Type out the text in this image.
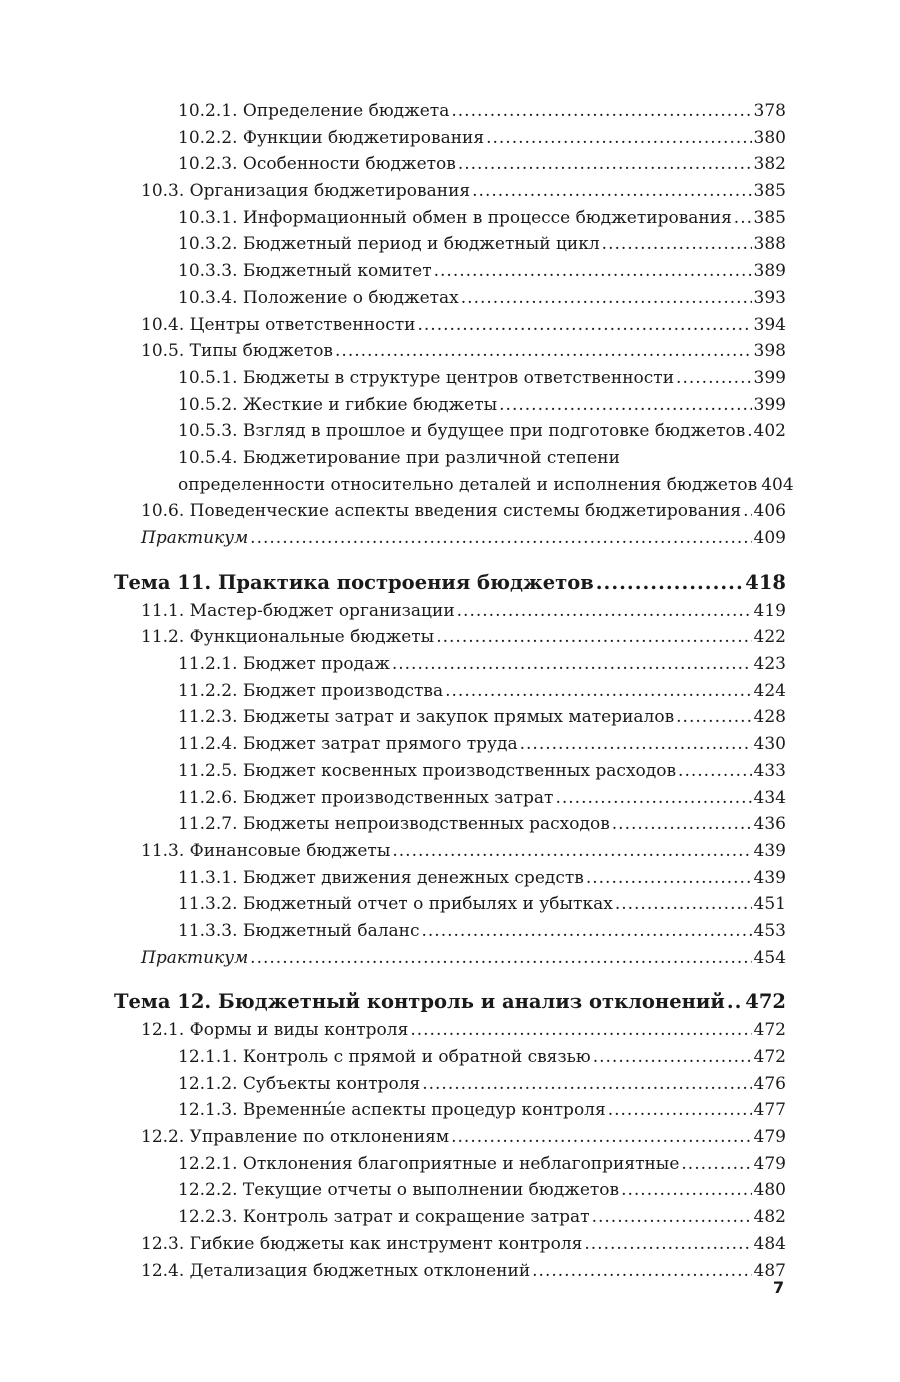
10.2.1. Определение бюджета .....	378
10.2.2. Функции бюджетирования .....	380
10.2.3. Особенности бюджетов .....	382
10.3. Организация бюджетирования .....	385
10.3.1. Информационный обмен в процессе бюджетирования ..... 385
10.3.2. Бюджетный период и бюджетный цикл .....	388
10.3.3. Бюджетный комитет .....	389
10.3.4. Положение о бюджетах .....	393
10.4. Центры ответственности .....	394
10.5. Типы бюджетов .....	398
10.5.1. Бюджеты в структуре центров ответственности .....	399
10.5.2. Жесткие и гибкие бюджеты .....	399
10.5.3. Взгляд в прошлое и будущее при подготовке бюджетов ..... 402
10.5.4. Бюджетирование при различной степени
определенности относительно деталей и исполнения бюджетов 404
10.6. Поведенческие аспекты введения системы бюджетирования ..... 406
Практикум .....	409
Тема 11. Практика построения бюджетов .....	418
11.1. Мастер-бюджет организации .....	419
11.2. Функциональные бюджеты .....	422
11.2.1. Бюджет продаж .....	423
11.2.2. Бюджет производства .....	424
11.2.3. Бюджеты затрат и закупок прямых материалов .....	428
11.2.4. Бюджет затрат прямого труда .....	430
11.2.5. Бюджет косвенных производственных расходов .....	433
11.2.6. Бюджет производственных затрат .....	434
11.2.7. Бюджеты непроизводственных расходов .....	436
11.3. Финансовые бюджеты .....	439
11.3.1. Бюджет движения денежных средств .....	439
11.3.2. Бюджетный отчет о прибылях и убытках .....	451
11.3.3. Бюджетный баланс .....	453
Практикум .....	454
Тема 12. Бюджетный контроль и анализ отклонений ..... 472
12.1. Формы и виды контроля .....	472
12.1.1. Контроль с прямой и обратной связью .....	472
12.1.2. Субъекты контроля .....	476
12.1.3. Временны́е аспекты процедур контроля .....	477
12.2. Управление по отклонениям .....	479
12.2.1. Отклонения благоприятные и неблагоприятные .....	479
12.2.2. Текущие отчеты о выполнении бюджетов .....	480
12.2.3. Контроль затрат и сокращение затрат .....	482
12.3. Гибкие бюджеты как инструмент контроля .....	484
12.4. Детализация бюджетных отклонений .....	487
7
